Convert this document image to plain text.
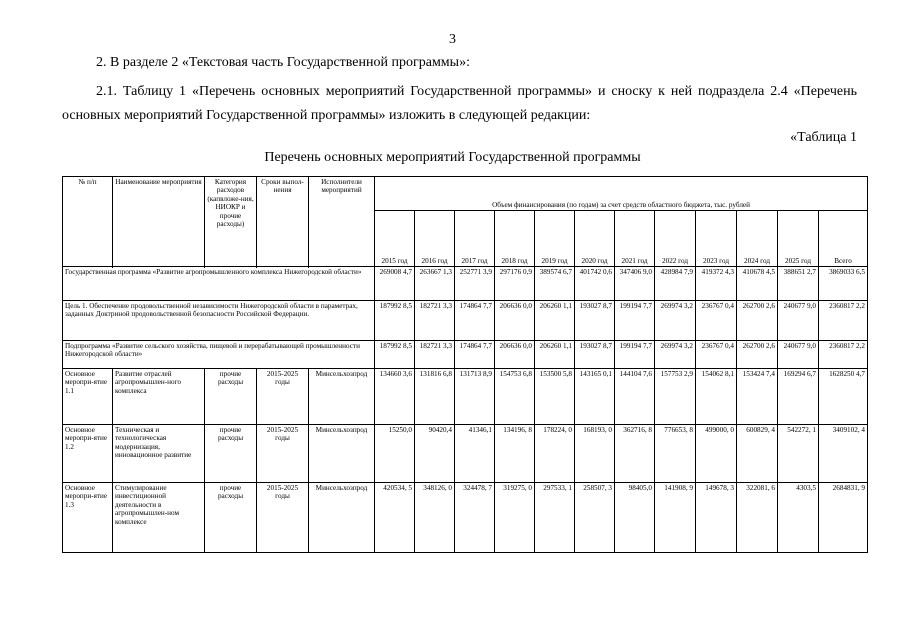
3
2. В разделе 2 «Текстовая часть Государственной программы»:
2.1. Таблицу 1 «Перечень основных мероприятий Государственной программы» и сноску к ней подраздела 2.4 «Перечень основных мероприятий Государственной программы» изложить в следующей редакции:
«Таблица 1
Перечень основных мероприятий Государственной программы
№ п/п	Наименование мероприятия	Категория расходов (капвложе-ния, НИОКР и прочие расходы)	Сроки выпол-нения	Исполнители мероприятий	Объем финансирования (по годам) за счет средств областного бюджета, тыс. рублей											
					2015 год	2016 год	2017 год	2018 год	2019 год	2020 год	2021 год	2022 год	2023 год	2024 год	2025 год	Всего

Государственная программа «Развитие агропромышленного комплекса Нижегородской области»					269008 4,7	263667 1,3	252771 3,9	297176 0,9	389574 6,7	401742 0,6	347406 9,0	428984 7,9	419372 4,3	410678 4,5	388651 2,7	3869033 6,5
Цель 1. Обеспечение продовольственной независимости Нижегородской области в параметрах, заданных Доктриной продовольственной безопасности Российской Федерации.					187992 8,5	182721 3,3	174864 7,7	206636 0,0	206260 1,1	193027 8,7	199194 7,7	269974 3,2	236767 0,4	262700 2,6	240677 9,0	2360817 2,2
Подпрограмма «Развитие сельского хозяйства, пищевой и перерабатывающей промышленности Нижегородской области»					187992 8,5	182721 3,3	174864 7,7	206636 0,0	206260 1,1	193027 8,7	199194 7,7	269974 3,2	236767 0,4	262700 2,6	240677 9,0	2360817 2,2
Основное меропри-ятие 1.1	Развитие отраслей агропромышлен-ного комплекса	прочие расходы	2015-2025 годы	Минсельхозпрод	134660 3,6	131816 6,8	131713 8,9	154753 6,8	153500 5,8	143165 0,1	144104 7,6	157753 2,9	154062 8,1	153424 7,4	169294 6,7	1628250 4,7
Основное меропри-ятие 1.2	Техническая и технологическая модернизация, инновационное развитие	прочие расходы	2015-2025 годы	Минсельхозпрод	15250,0	90420,4	41346,1	134196, 8	178224, 0	168193, 0	362716, 8	776653, 8	499000, 0	600829, 4	542272, 1	3409102, 4
Основное меропри-ятие 1.3	Стимулирование инвестиционной деятельности в агропромышлен-ном комплексе	прочие расходы	2015-2025 годы	Минсельхозпрод	420534, 5	348126, 0	324478, 7	319275, 0	297533, 1	258507, 3	98405,0	141908, 9	149678, 3	322081, 6	4303,5	2684831, 9
